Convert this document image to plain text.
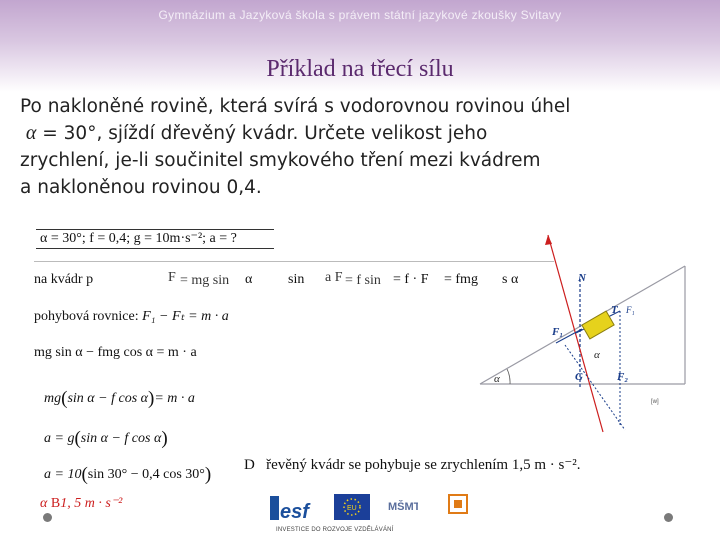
Gymnázium a Jazyková škola s právem státní jazykové zkoušky Svitavy
Příklad na třecí sílu
Po nakloněné rovině, která svírá s vodorovnou rovinou úhel
α = 30°, sjíždí dřevěný kvádr. Určete velikost jeho
zrychlení, je-li součinitel smykového tření mezi kvádrem
a nakloněnou rovinou 0,4.
α = 30°; f = 0,4; g = 10m·s⁻²; a = ?
na kvádr p	F = mg sin α	sin a F = f sin = f · F = fmg s α
pohybová rovnice: F₁ − Fₜ = m · a
mg sin α − fmg cos α = m · a
mg(sin α − f cos α)= m · a
a = g(sin α − f cos α)
a = 10(sin 30° − 0,4 cos 30°) D řevěný kvádr se pohybuje se zrychlením 1,5 m · s⁻².
α B1, 5 m · s⁻²
N
T
F₁
F₁
α
α	G	F₂
[w]
esf	EU	MŠMT
INVESTICE DO ROZVOJE VZDĚLÁVÁNÍ
